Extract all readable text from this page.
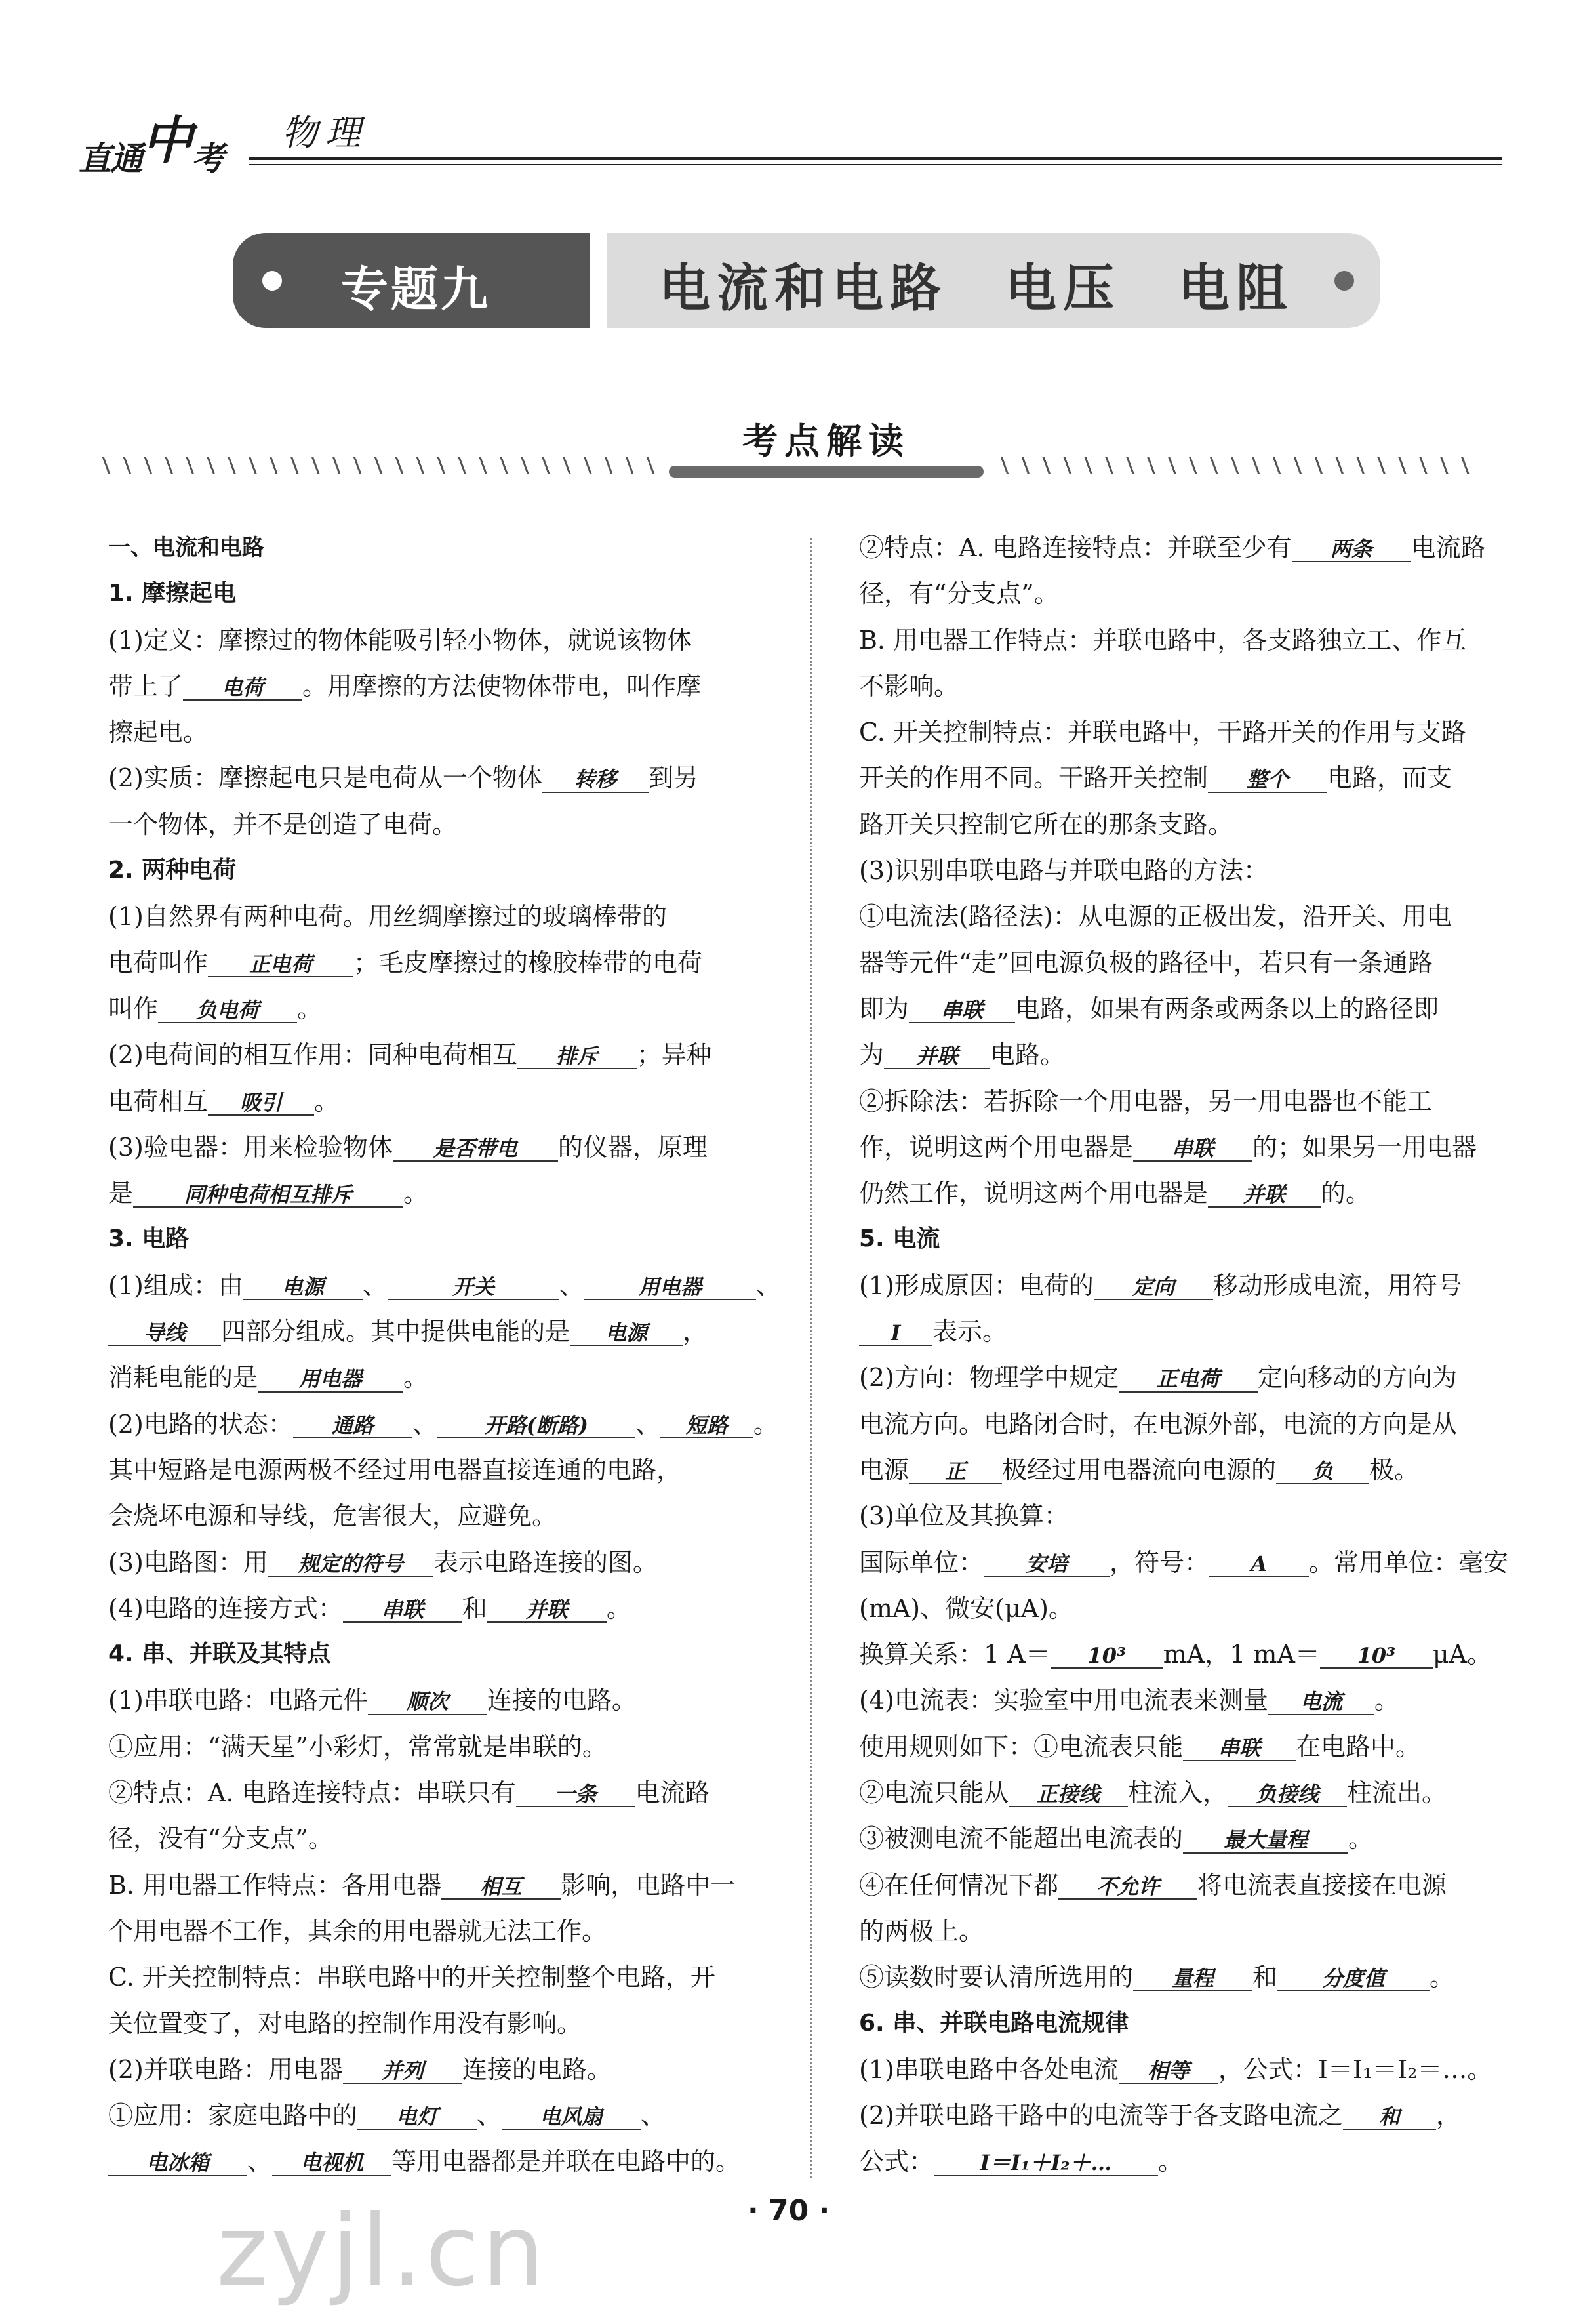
直通中考
物理
专题九	电流和电路　电压　电阻
考点解读
一、电流和电路
1. 摩擦起电
(1)定义：摩擦过的物体能吸引轻小物体，就说该物体
带上了 电荷 。用摩擦的方法使物体带电，叫作摩
擦起电。
(2)实质：摩擦起电只是电荷从一个物体 转移 到另
一个物体，并不是创造了电荷。
2. 两种电荷
(1)自然界有两种电荷。用丝绸摩擦过的玻璃棒带的
电荷叫作 正电荷 ；毛皮摩擦过的橡胶棒带的电荷
叫作 负电荷 。
(2)电荷间的相互作用：同种电荷相互 排斥 ；异种
电荷相互 吸引 。
(3)验电器：用来检验物体 是否带电 的仪器，原理
是 同种电荷相互排斥 。
3. 电路
(1)组成：由 电源 、	开关	、	用电器 、
导线 四部分组成。其中提供电能的是 电源 ，
消耗电能的是 用电器 。
(2)电路的状态： 通路 、 开路(断路) 、 短路 。
其中短路是电源两极不经过用电器直接连通的电路，
会烧坏电源和导线，危害很大，应避免。
(3)电路图：用 规定的符号 表示电路连接的图。
(4)电路的连接方式： 串联 和 并联 。
4. 串、并联及其特点
(1)串联电路：电路元件 顺次 连接的电路。
①应用：“满天星”小彩灯，常常就是串联的。
②特点：A. 电路连接特点：串联只有 一条 电流路
径，没有“分支点”。
B. 用电器工作特点：各用电器 相互 影响，电路中一
个用电器不工作，其余的用电器就无法工作。
C. 开关控制特点：串联电路中的开关控制整个电路，开
关位置变了，对电路的控制作用没有影响。
(2)并联电路：用电器 并列 连接的电路。
①应用：家庭电路中的 电灯 、 电风扇 、
电冰箱 、 电视机 等用电器都是并联在电路中的。
②特点：A. 电路连接特点：并联至少有 两条 电流路
径，有“分支点”。
B. 用电器工作特点：并联电路中，各支路独立工、作互
不影响。
C. 开关控制特点：并联电路中，干路开关的作用与支路
开关的作用不同。干路开关控制 整个 电路，而支
路开关只控制它所在的那条支路。
(3)识别串联电路与并联电路的方法：
①电流法(路径法)：从电源的正极出发，沿开关、用电
器等元件“走”回电源负极的路径中，若只有一条通路
即为 串联 电路，如果有两条或两条以上的路径即
为 并联 电路。
②拆除法：若拆除一个用电器，另一用电器也不能工
作，说明这两个用电器是 串联 的；如果另一用电器
仍然工作，说明这两个用电器是 并联 的。
5. 电流
(1)形成原因：电荷的 定向 移动形成电流，用符号
I 表示。
(2)方向：物理学中规定 正电荷 定向移动的方向为
电流方向。电路闭合时，在电源外部，电流的方向是从
电源 正 极经过用电器流向电源的 负 极。
(3)单位及其换算：
国际单位： 安培 ，符号： A 。常用单位：毫安
(mA)、微安(μA)。
换算关系：1 A＝ 10³ mA，1 mA＝ 10³ μA。
(4)电流表：实验室中用电流表来测量 电流 。
使用规则如下：①电流表只能 串联 在电路中。
②电流只能从 正接线 柱流入， 负接线 柱流出。
③被测电流不能超出电流表的 最大量程 。
④在任何情况下都 不允许 将电流表直接接在电源
的两极上。
⑤读数时要认清所选用的 量程 和 分度值 。
6. 串、并联电路电流规律
(1)串联电路中各处电流 相等 ，公式：I＝I₁＝I₂＝…。
(2)并联电路干路中的电流等于各支路电流之 和 ，
公式： I＝I₁＋I₂＋… 。
zyjl.cn	· 70 ·
